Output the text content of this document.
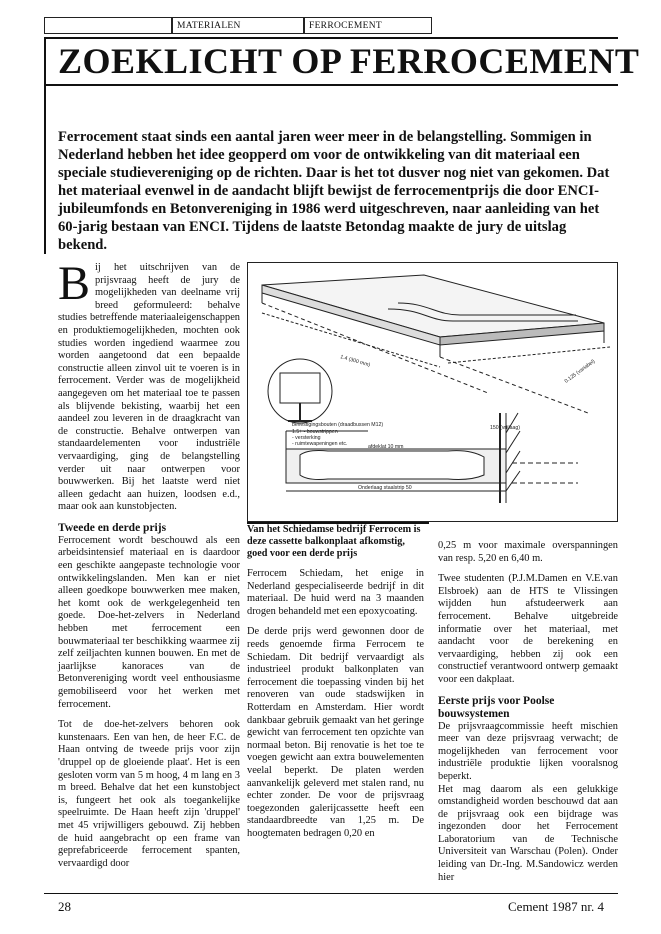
MATERIALEN	FERROCEMENT
ZOEKLICHT OP FERROCEMENT

Ferrocement staat sinds een aantal jaren weer meer in de belangstelling. Sommigen in Nederland hebben het idee geopperd om voor de ontwikkeling van dit materiaal een speciale studievereniging op de richten. Daar is het tot dusver nog niet van gekomen. Dat het materiaal evenwel in de aandacht blijft bewijst de ferrocementprijs die door ENCI-jubileumfonds en Betonvereniging in 1986 werd uitgeschreven, naar aanleiding van het 60-jarig bestaan van ENCI. Tijdens de laatste Betondag maakte de jury de uitslag bekend.

Bij het uitschrijven van de prijsvraag heeft de jury de mogelijkheden van deelname vrij breed geformuleerd: behalve studies betreffende materiaaleigenschappen en produktiemogelijkheden, mochten ook studies worden ingediend waarmee zou worden aangetoond dat een bepaalde constructie alleen zinvol uit te voeren is in ferrocement. Verder was de mogelijkheid aangegeven om het materiaal toe te passen als blijvende bekisting, waarbij het een aandeel zou leveren in de draagkracht van de constructie. Behalve ontwerpen van standaardelementen voor industriële vervaardiging, ging de belangstelling verder uit naar ontwerpen voor bouwwerken. Bij het laatste werd niet alleen gedacht aan huizen, loodsen e.d., maar ook aan kunstobjecten.

Tweede en derde prijs

Ferrocement wordt beschouwd als een arbeidsintensief materiaal en is daardoor een geschikte aangepaste technologie voor ontwikkelingslanden. Men kan er niet alleen goedkope bouwwerken mee maken, het komt ook de werkgelegenheid ten goede. Doe-het-zelvers in Nederland hebben met ferrocement een bouwmateriaal ter beschikking waarmee zij zelf zeiljachten kunnen bouwen. En met de jaarlijkse kanoraces van de Betonvereniging wordt veel enthousiasme gemobiliseerd voor het werken met ferrocement.

Tot de doe-het-zelvers behoren ook kunstenaars. Een van hen, de heer F.C. de Haan ontving de tweede prijs voor zijn 'druppel op de gloeiende plaat'. Het is een gesloten vorm van 5 m hoog, 4 m lang en 3 m breed. Behalve dat het een kunstobject is, fungeert het ook als toegankelijke speelruimte. De Haan heeft zijn 'druppel' met 45 vrijwilligers gebouwd. Zij hebben de huid aangebracht op een frame van geprefabriceerde ferrocement spanten, vervaardigd door

1.4 (300 mm)	0.125 (variabel)
bevestigingsbouten (draadbussen M12)
1.5+ - bouwstrippen
- versterking
- ruimtewapeningen etc.	afdeklat 10 mm
Onderlaag staalstrip 50
150 (vrijlaag)
Van het Schiedamse bedrijf Ferrocem is deze cassette balkonplaat afkomstig, goed voor een derde prijs

Ferrocem Schiedam, het enige in Nederland gespecialiseerde bedrijf in dit materiaal. De huid werd na 3 maanden drogen behandeld met een epoxycoating.

De derde prijs werd gewonnen door de reeds genoemde firma Ferrocem te Schiedam. Dit bedrijf vervaardigt als industrieel produkt balkonplaten van ferrocement die toepassing vinden bij het renoveren van oude stadswijken in Rotterdam en Amsterdam. Hier wordt dankbaar gebruik gemaakt van het geringe gewicht van ferrocement ten opzichte van normaal beton. Bij renovatie is het toe te voegen gewicht aan extra bouwelementen veelal beperkt. De platen werden aanvankelijk geleverd met stalen rand, nu echter zonder. De voor de prijsvraag toegezonden galerijcassette heeft een standaardbreedte van 1,25 m. De hoogtematen bedragen 0,20 en

0,25 m voor maximale overspanningen van resp. 5,20 en 6,40 m.

Twee studenten (P.J.M.Damen en V.E.van Elsbroek) aan de HTS te Vlissingen wijdden hun afstudeerwerk aan ferrocement. Behalve uitgebreide informatie over het materiaal, met aandacht voor de berekening en vervaardiging, hebben zij ook een constructief verantwoord ontwerp gemaakt voor een dakplaat.

Eerste prijs voor Poolse bouwsystemen

De prijsvraagcommissie heeft mischien meer van deze prijsvraag verwacht; de mogelijkheden van ferrocement voor industriële produktie lijken vooralsnog beperkt.

Het mag daarom als een gelukkige omstandigheid worden beschouwd dat aan de prijsvraag ook een bijdrage was ingezonden door het Ferrocement Laboratorium van de Technische Universiteit van Warschau (Polen). Onder leiding van Dr.-Ing. M.Sandowicz werden hier

28	Cement 1987 nr. 4
